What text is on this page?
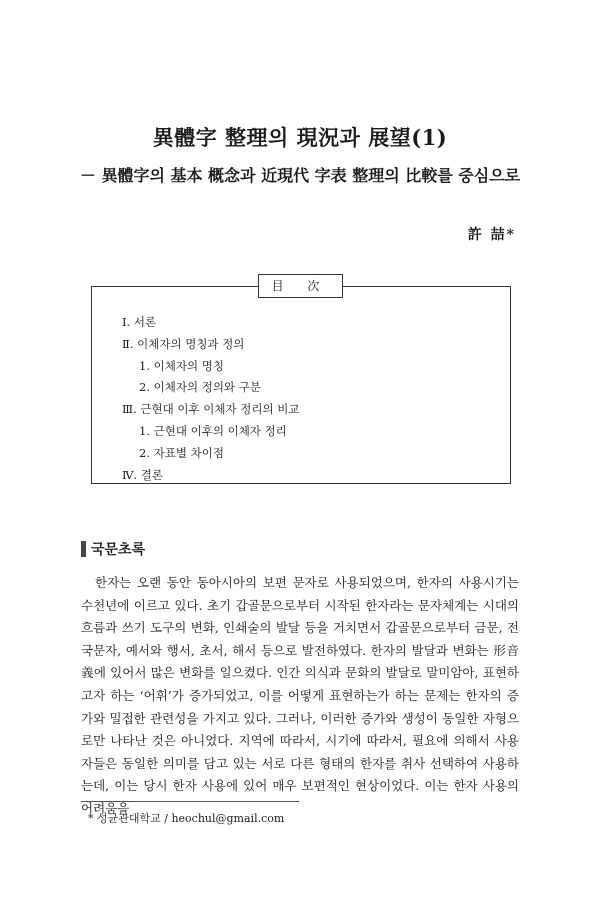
異體字 整理의 現況과 展望(1)
－ 異體字의 基本 概念과 近現代 字表 整理의 比較를 중심으로
許 喆*
目 次
Ⅰ. 서론
Ⅱ. 이체자의 명칭과 정의
1. 이체자의 명칭
2. 이체자의 정의와 구분
Ⅲ. 근현대 이후 이체자 정리의 비교
1. 근현대 이후의 이체자 정리
2. 자표별 차이점
Ⅳ. 결론
국문초록

한자는 오랜 동안 동아시아의 보편 문자로 사용되었으며, 한자의 사용시기는 수천년에 이르고 있다. 초기 갑골문으로부터 시작된 한자라는 문자체계는 시대의 흐름과 쓰기 도구의 변화, 인쇄술의 발달 등을 거치면서 갑골문으로부터 금문, 전국문자, 예서와 행서, 초서, 해서 등으로 발전하였다. 한자의 발달과 변화는 形音義에 있어서 많은 변화를 일으켰다. 인간 의식과 문화의 발달로 말미암아, 표현하고자 하는 ‘어휘’가 증가되었고, 이를 어떻게 표현하는가 하는 문제는 한자의 증가와 밀접한 관련성을 가지고 있다. 그러나, 이러한 증가와 생성이 동일한 자형으로만 나타난 것은 아니었다. 지역에 따라서, 시기에 따라서, 필요에 의해서 사용자들은 동일한 의미를 담고 있는 서로 다른 형태의 한자를 취사 선택하여 사용하는데, 이는 당시 한자 사용에 있어 매우 보편적인 현상이었다. 이는 한자 사용의 어려움을

* 성균관대학교 / heochul@gmail.com
